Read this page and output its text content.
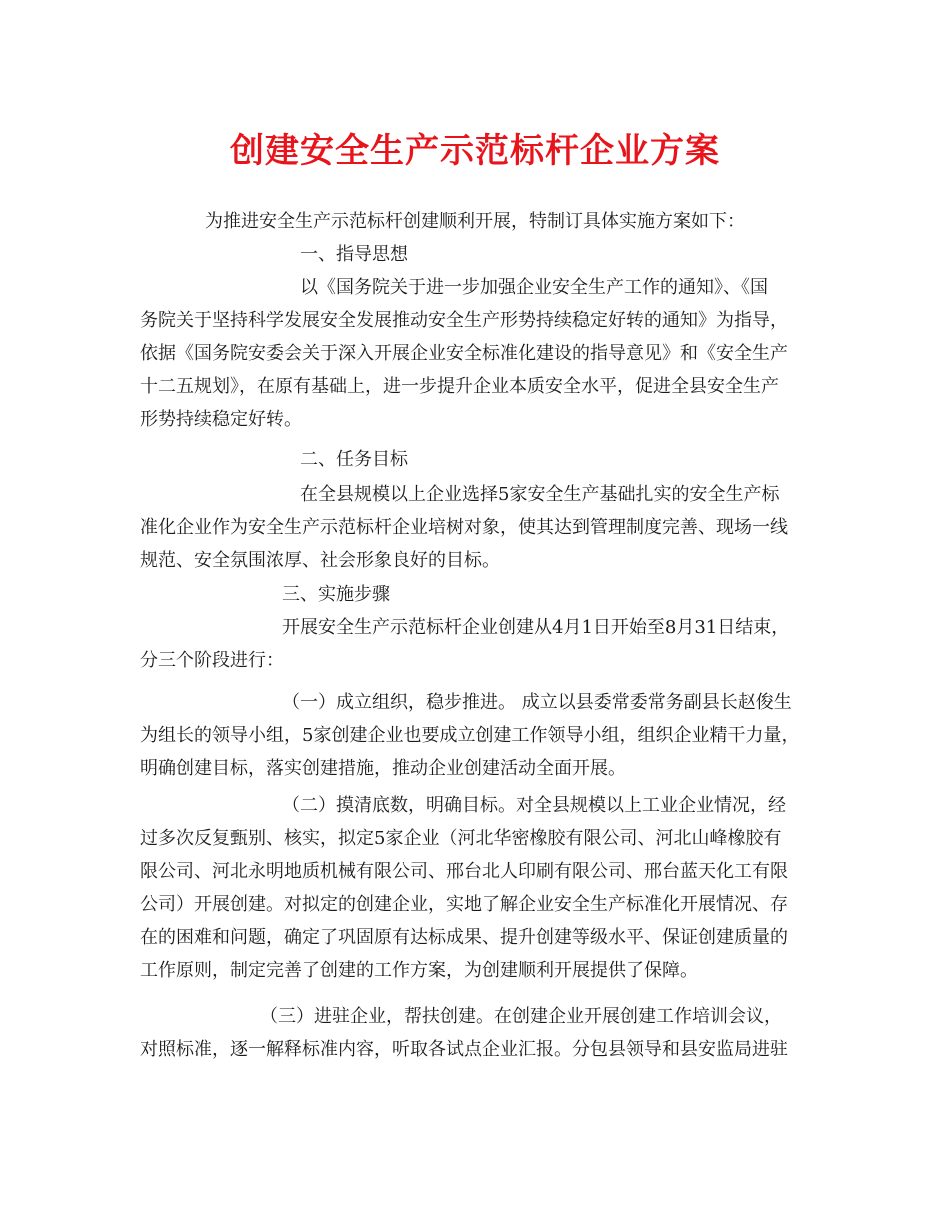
创建安全生产示范标杆企业方案

为推进安全生产示范标杆创建顺利开展，特制订具体实施方案如下：

一、指导思想

以《国务院关于进一步加强企业安全生产工作的通知》、《国

务院关于坚持科学发展安全发展推动安全生产形势持续稳定好转的通知》为指导，

依据《国务院安委会关于深入开展企业安全标准化建设的指导意见》和《安全生产

十二五规划》，在原有基础上，进一步提升企业本质安全水平，促进全县安全生产

形势持续稳定好转。

二、任务目标

在全县规模以上企业选择5家安全生产基础扎实的安全生产标

准化企业作为安全生产示范标杆企业培树对象，使其达到管理制度完善、现场一线

规范、安全氛围浓厚、社会形象良好的目标。

三、实施步骤

开展安全生产示范标杆企业创建从4月1日开始至8月31日结束，

分三个阶段进行：

（一）成立组织，稳步推进。 成立以县委常委常务副县长赵俊生

为组长的领导小组，5家创建企业也要成立创建工作领导小组，组织企业精干力量，

明确创建目标，落实创建措施，推动企业创建活动全面开展。

（二）摸清底数，明确目标。对全县规模以上工业企业情况，经

过多次反复甄别、核实，拟定5家企业（河北华密橡胶有限公司、河北山峰橡胶有

限公司、河北永明地质机械有限公司、邢台北人印刷有限公司、邢台蓝天化工有限

公司）开展创建。对拟定的创建企业，实地了解企业安全生产标准化开展情况、存

在的困难和问题，确定了巩固原有达标成果、提升创建等级水平、保证创建质量的

工作原则，制定完善了创建的工作方案，为创建顺利开展提供了保障。

（三）进驻企业，帮扶创建。在创建企业开展创建工作培训会议，

对照标准，逐一解释标准内容，听取各试点企业汇报。分包县领导和县安监局进驻
